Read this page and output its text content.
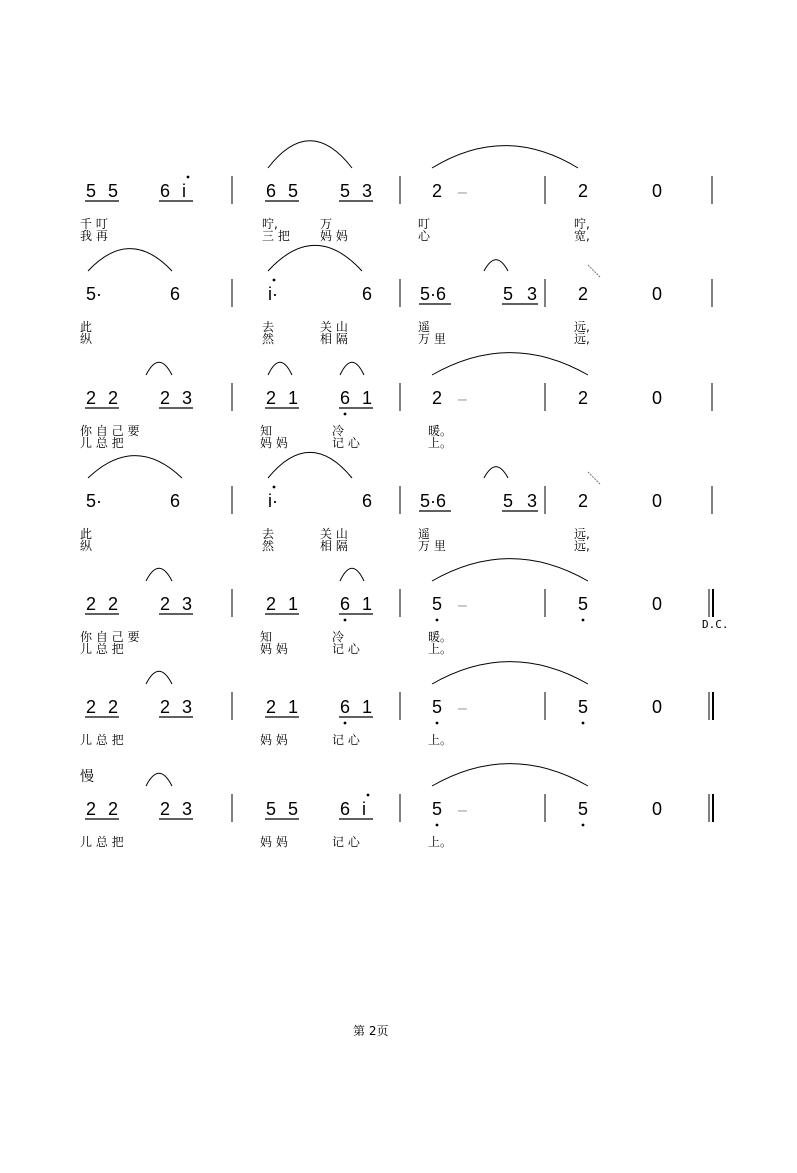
5 5 6 i	6 5 5 3	2 –	2	0
5·	6	i·	6	5·6	5 3 2	0
2 2 2 3	2 1 6 1	2 –	2	0
5·	6	i·	6	5·6	5 3 2	0
2 2 2 3	2 1 6 1	5 –	5	0
2 2 2 3	2 1 6 1	5 –	5	0
2 2 2 3	5 5 6 i	5 –	5	0
千 叮	咛,	万	叮	咛,
我 再	三 把	妈 妈	心	宽,
此	去	关 山	遥	远,
纵	然	相 隔	万 里	远,
你 自 己 要	知	冷	暖。
儿 总 把	妈 妈	记 心	上。
此	去	关 山	遥	远,
纵	然	相 隔	万 里	远,
你 自 己 要	知	冷	暖。
儿 总 把	妈 妈	记 心	上。
儿 总 把	妈 妈	记 心	上。
儿 总 把	妈 妈	记 心	上。
慢
D.C.
第 2页
